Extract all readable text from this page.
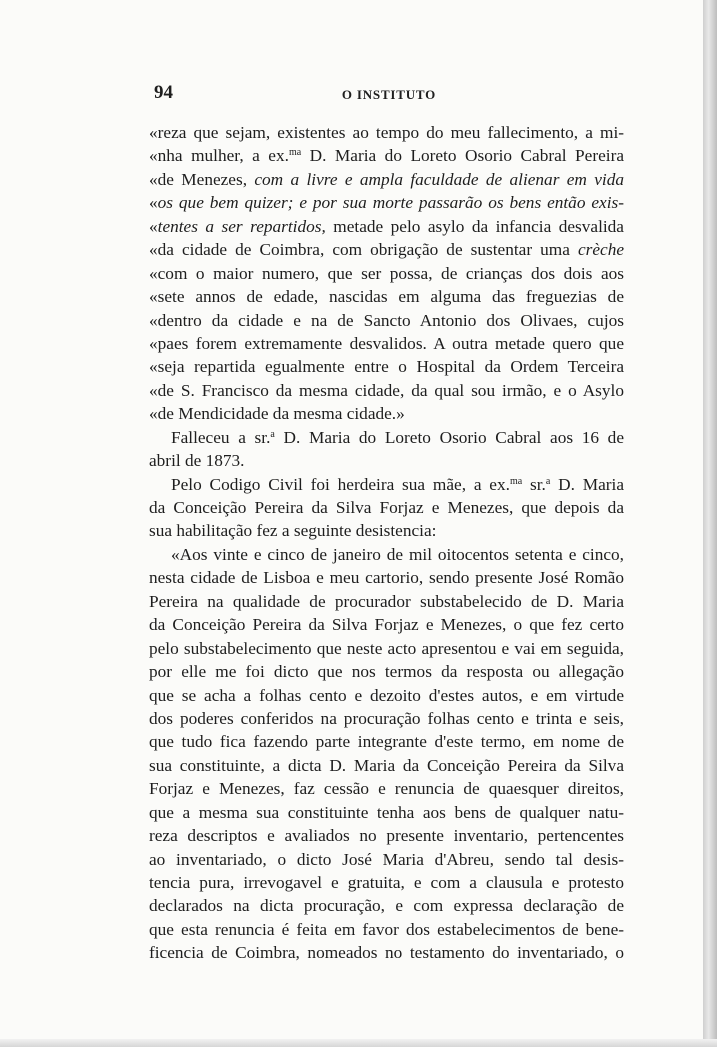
94	O INSTITUTO
«reza que sejam, existentes ao tempo do meu fallecimento, a mi-
«nha mulher, a ex.$^{ma}$ D. Maria do Loreto Osorio Cabral Pereira
«de Menezes, com a livre e ampla faculdade de alienar em vida
«os que bem quizer; e por sua morte passarão os bens então exis-
«tentes a ser repartidos, metade pelo asylo da infancia desvalida
«da cidade de Coimbra, com obrigação de sustentar uma crèche
«com o maior numero, que ser possa, de crianças dos dois aos
«sete annos de edade, nascidas em alguma das freguezias de
«dentro da cidade e na de Sancto Antonio dos Olivaes, cujos
«paes forem extremamente desvalidos. A outra metade quero que
«seja repartida egualmente entre o Hospital da Ordem Terceira
«de S. Francisco da mesma cidade, da qual sou irmão, e o Asylo
«de Mendicidade da mesma cidade.»
Falleceu a sr.$^a$ D. Maria do Loreto Osorio Cabral aos 16 de
abril de 1873.
Pelo Codigo Civil foi herdeira sua mãe, a ex.$^{ma}$ sr.$^a$ D. Maria
da Conceição Pereira da Silva Forjaz e Menezes, que depois da
sua habilitação fez a seguinte desistencia:
«Aos vinte e cinco de janeiro de mil oitocentos setenta e cinco,
nesta cidade de Lisboa e meu cartorio, sendo presente José Romão
Pereira na qualidade de procurador substabelecido de D. Maria
da Conceição Pereira da Silva Forjaz e Menezes, o que fez certo
pelo substabelecimento que neste acto apresentou e vai em seguida,
por elle me foi dicto que nos termos da resposta ou allegação
que se acha a folhas cento e dezoito d'estes autos, e em virtude
dos poderes conferidos na procuração folhas cento e trinta e seis,
que tudo fica fazendo parte integrante d'este termo, em nome de
sua constituinte, a dicta D. Maria da Conceição Pereira da Silva
Forjaz e Menezes, faz cessão e renuncia de quaesquer direitos,
que a mesma sua constituinte tenha aos bens de qualquer natu-
reza descriptos e avaliados no presente inventario, pertencentes
ao inventariado, o dicto José Maria d'Abreu, sendo tal desis-
tencia pura, irrevogavel e gratuita, e com a clausula e protesto
declarados na dicta procuração, e com expressa declaração de
que esta renuncia é feita em favor dos estabelecimentos de bene-
ficencia de Coimbra, nomeados no testamento do inventariado, o
